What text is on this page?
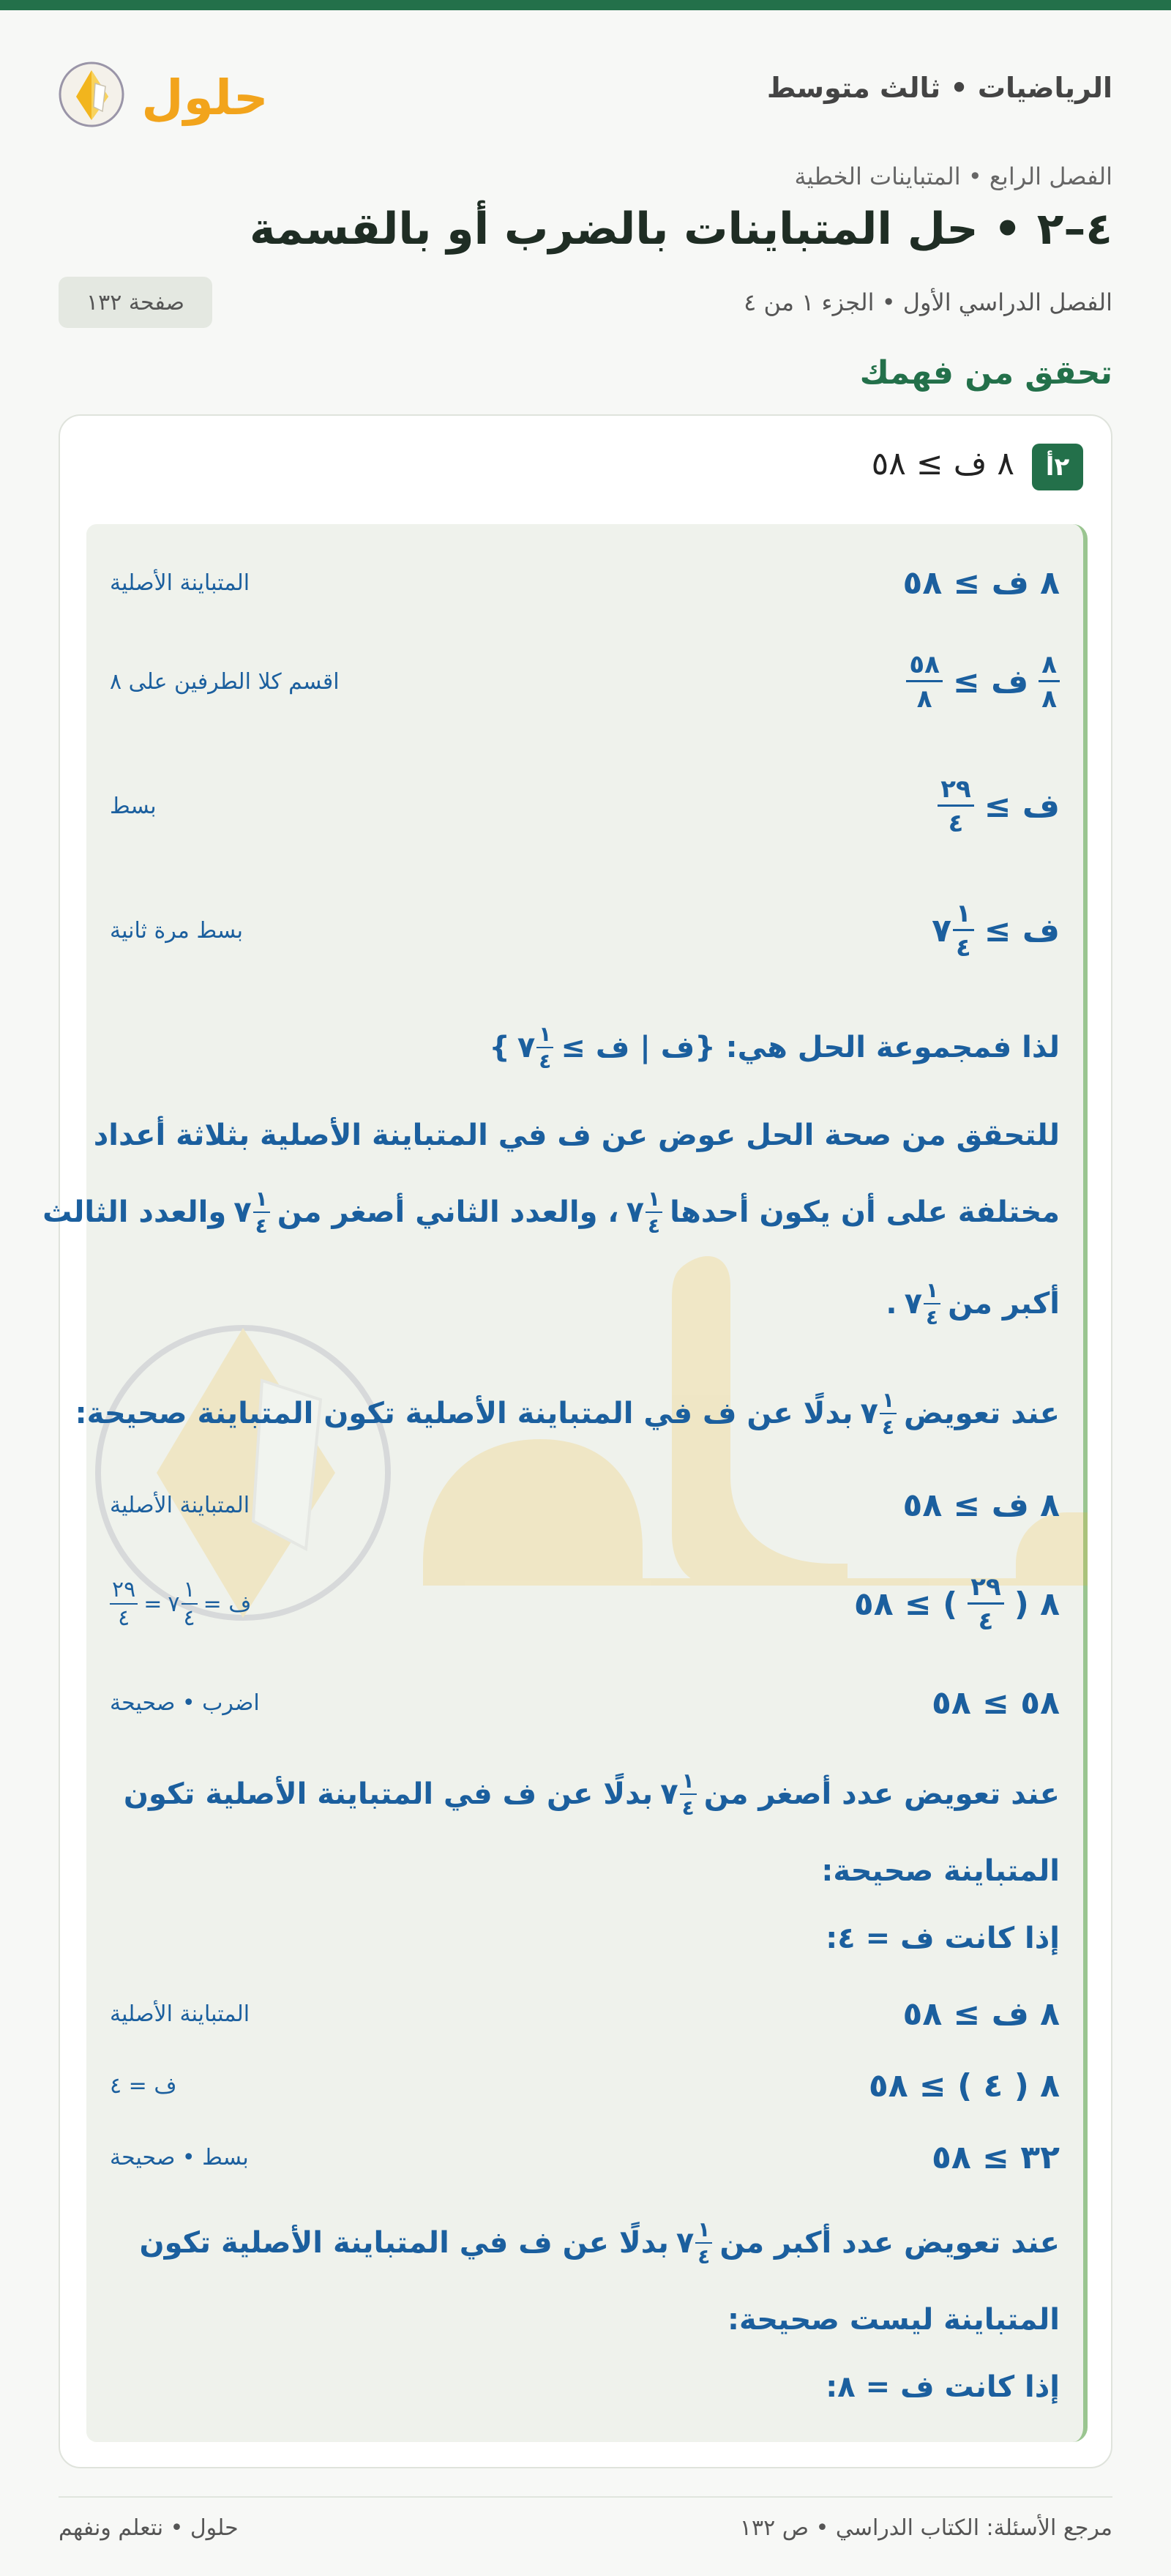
الرياضيات • ثالث متوسط
حلول
الفصل الرابع • المتباينات الخطية
٤–٢ • حل المتباينات بالضرب أو بالقسمة
الفصل الدراسي الأول • الجزء ١ من ٤
صفحة ١٣٢
تحقق من فهمك
٢أ
٨ ف ≥ ٥٨
٨ ف ≥ ٥٨
المتباينة الأصلية
$\frac{٨}{٨}$
ف ≥
$\frac{٥٨}{٨}$
اقسم كلا الطرفين على ٨
ف ≥
$\frac{٢٩}{٤}$
بسط
ف ≥
$\frac{١}{٤}$
٧
بسط مرة ثانية
لذا فمجموعة الحل هي: {ف | ف ≥
$\frac{١}{٤}$
٧
}
للتحقق من صحة الحل عوض عن ف في المتباينة الأصلية بثلاثة أعداد
مختلفة على أن يكون أحدها
$\frac{١}{٤}$
٧
، والعدد الثاني أصغر من
$\frac{١}{٤}$
٧
والعدد الثالث
أكبر من
$\frac{١}{٤}$
٧
.
عند تعويض
$\frac{١}{٤}$
٧
بدلًا عن ف في المتباينة الأصلية تكون المتباينة صحيحة:
٨ ف ≥ ٥٨
المتباينة الأصلية
٨ (
$\frac{٢٩}{٤}$
) ≥ ٥٨
ف =
$\frac{١}{٤}$
٧
=
$\frac{٢٩}{٤}$
٥٨ ≥ ٥٨
اضرب • صحيحة
عند تعويض عدد أصغر من
$\frac{١}{٤}$
٧
بدلًا عن ف في المتباينة الأصلية تكون
المتباينة صحيحة:
إذا كانت ف = ٤:
٨ ف ≥ ٥٨
المتباينة الأصلية
٨ ( ٤ ) ≥ ٥٨
ف = ٤
٣٢ ≥ ٥٨
بسط • صحيحة
عند تعويض عدد أكبر من
$\frac{١}{٤}$
٧
بدلًا عن ف في المتباينة الأصلية تكون
المتباينة ليست صحيحة:
إذا كانت ف = ٨:
مرجع الأسئلة: الكتاب الدراسي • ص ١٣٢
حلول • نتعلم ونفهم
